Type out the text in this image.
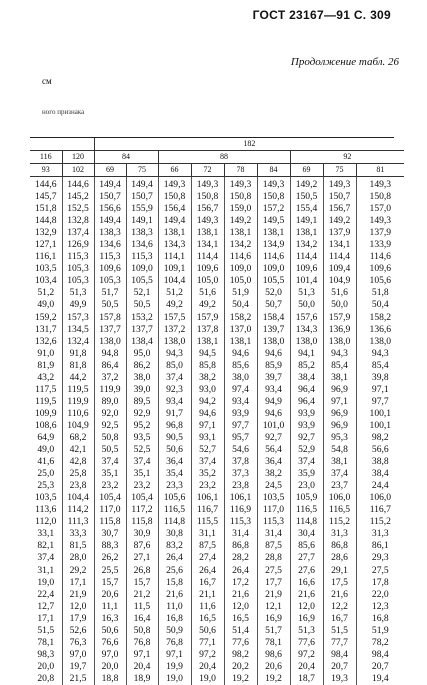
ГОСТ 23167—91 С. 309
Продолжение табл. 26
см
ного признака
		182								
116	120	84		88				92		
93	102	69	75	66	72	78	84	69	75	81
144,6	144,6	149,4	149,4	149,3	149,3	149,3	149,3	149,2	149,3	149,3
145,7	145,2	150,7	150,7	150,8	150,8	150,8	150,8	150,5	150,7	150,8
151,8	152,5	156,6	155,9	156,4	156,7	159,0	157,2	155,4	156,7	157,0
144,8	132,8	149,4	149,1	149,4	149,3	149,2	149,5	149,1	149,2	149,3
132,9	137,4	138,3	138,3	138,1	138,1	138,1	138,1	138,1	137,9	137,9
127,1	126,9	134,6	134,6	134,3	134,1	134,2	134,9	134,2	134,1	133,9
116,1	115,3	115,3	115,3	114,1	114,4	114,6	114,6	114,4	114,4	114,6
103,5	105,3	109,6	109,0	109,1	109,6	109,0	109,0	109,6	109,4	109,6
103,4	105,3	105,3	105,5	104,4	105,0	105,0	105,5	101,4	104,9	105,6
51,2	51,3	51,7	52,1	51,2	51,6	51,9	52,0	51,3	51,6	51,8
49,0	49,9	50,5	50,5	49,2	49,2	50,4	50,7	50,0	50,0	50,4
159,2	157,3	157,8	153,2	157,5	157,9	158,2	158,4	157,6	157,9	158,2
131,7	134,5	137,7	137,7	137,2	137,8	137,0	139,7	134,3	136,9	136,6
132,6	132,4	138,0	138,4	138,0	138,1	138,1	138,0	138,0	138,0	138,0
91,0	91,8	94,8	95,0	94,3	94,5	94,6	94,6	94,1	94,3	94,3
81,9	81,8	86,4	86,2	85,0	85,8	85,6	85,9	85,2	85,4	85,4
43,2	44,2	37,2	38,0	37,4	38,2	38,0	39,7	38,4	38,1	39,8
117,5	119,5	119,9	39,0	92,3	93,0	97,4	93,4	96,4	96,9	97,1
119,5	119,9	89,0	89,5	93,4	94,2	93,4	94,9	96,4	97,1	97,7
109,9	110,6	92,0	92,9	91,7	94,6	93,9	94,6	93,9	96,9	100,1
108,6	104,9	92,5	95,2	96,8	97,1	97,7	101,0	93,9	96,9	100,1
64,9	68,2	50,8	93,5	90,5	93,1	95,7	92,7	92,7	95,3	98,2
49,0	42,1	50,5	52,5	50,6	52,7	54,6	56,4	52,9	54,8	56,6
41,6	42,8	37,4	37,4	36,4	37,4	37,8	36,4	37,4	38,1	38,8
25,0	25,8	35,1	35,1	35,4	35,2	37,3	38,2	35,9	37,4	38,4
25,3	23,8	23,2	23,2	23,3	23,2	23,8	24,5	23,0	23,7	24,4
103,5	104,4	105,4	105,4	105,6	106,1	106,1	103,5	105,9	106,0	106,0
113,6	114,2	117,0	117,2	116,5	116,7	116,9	117,0	116,5	116,5	116,7
112,0	111,3	115,8	115,8	114,8	115,5	115,3	115,3	114,8	115,2	115,2
33,1	33,3	30,7	30,9	30,8	31,1	31,4	31,4	30,4	31,3	31,3
82,1	81,5	88,3	87,6	83,2	87,5	86,8	87,5	85,6	86,8	86,1
37,4	28,0	26,2	27,1	26,4	27,4	28,2	28,8	27,7	28,6	29,3
31,1	29,2	25,5	26,8	25,6	26,4	26,4	27,5	27,6	29,1	27,5
19,0	17,1	15,7	15,7	15,8	16,7	17,2	17,7	16,6	17,5	17,8
22,4	21,9	20,6	21,2	21,6	21,1	21,6	21,9	21,6	21,6	22,0
12,7	12,0	11,1	11,5	11,0	11,6	12,0	12,1	12,0	12,2	12,3
17,1	17,9	16,3	16,4	16,8	16,5	16,5	16,9	16,9	16,7	16,8
51,5	52,6	50,6	50,8	50,9	50,6	51,4	51,7	51,3	51,5	51,9
78,1	76,3	76,6	76,8	76,8	77,1	77,6	78,1	77,6	77,7	78,2
98,3	97,0	97,0	97,1	97,1	97,2	98,2	98,6	97,2	98,4	98,4
20,0	19,7	20,0	20,4	19,9	20,4	20,2	20,6	20,4	20,7	20,7
20,8	21,5	18,8	18,9	19,0	19,0	19,2	19,2	18,7	19,3	19,4
